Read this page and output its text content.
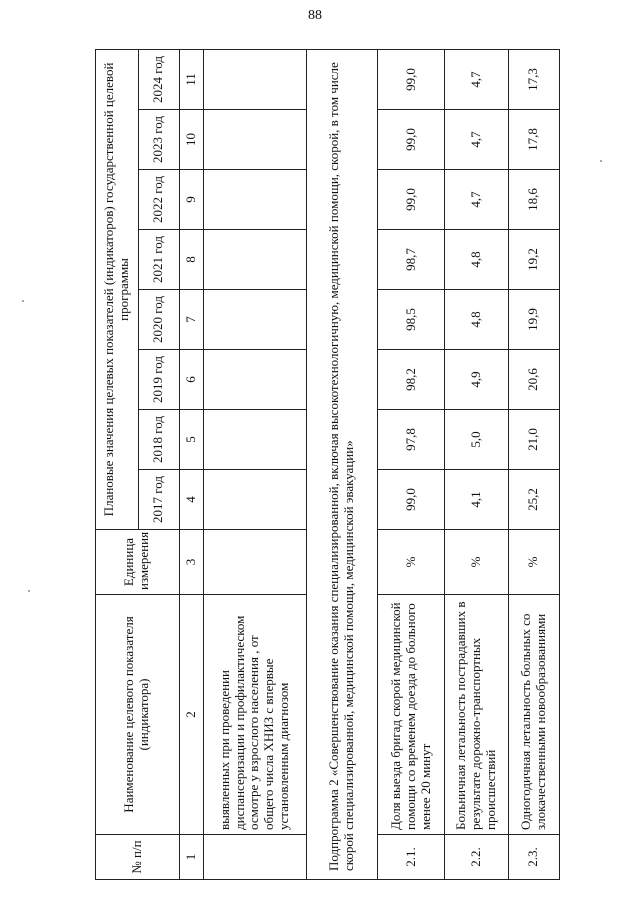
88
№ п/п	Наименование целевого показателя (индикатора)	Единица измерения	Плановые значения целевых показателей (индикаторов) государственной целевой программы							
			2017 год	2018 год	2019 год	2020 год	2021 год	2022 год	2023 год	2024 год
1	2	3	4	5	6	7	8	9	10	11
	выявленных при проведении диспансеризации и профилактическом осмотре у взрослого населения , от общего числа ХНИЗ с впервые установленным диагнозом									
Подпрограмма 2 «Совершенствование оказания специализированной, включая высокотехнологичную, медицинской помощи, скорой, в том числе скорой специализированной, медицинской помощи, медицинской эвакуации»										
2.1.	Доля выезда бригад скорой медицинской помощи со временем доезда до больного менее 20 минут	%	99,0	97,8	98,2	98,5	98,7	99,0	99,0	99,0
2.2.	Больничная летальность пострадавших в результате дорожно-транспортных происшествий	%	4,1	5,0	4,9	4,8	4,8	4,7	4,7	4,7
2.3.	Одногодичная летальность больных со злокачественными новообразованиями	%	25,2	21,0	20,6	19,9	19,2	18,6	17,8	17,3
